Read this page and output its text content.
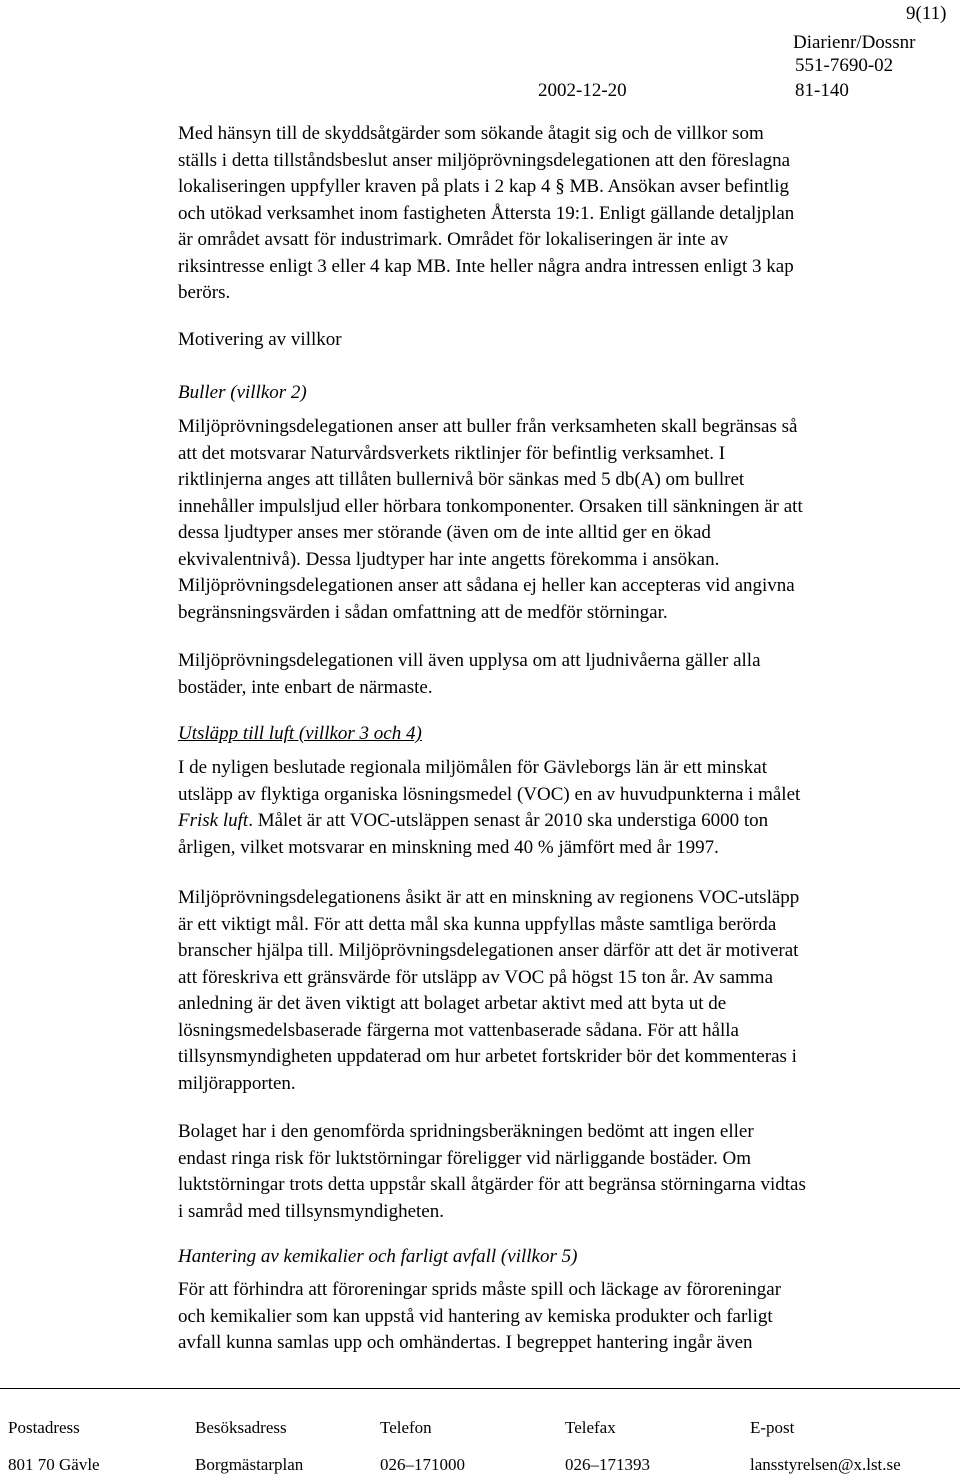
9(11)
Diarienr/Dossnr
551-7690-02
2002-12-20	81-140
Med hänsyn till de skyddsåtgärder som sökande åtagit sig och de villkor som
ställs i detta tillståndsbeslut anser miljöprövningsdelegationen att den föreslagna
lokaliseringen uppfyller kraven på plats i 2 kap 4 § MB. Ansökan avser befintlig
och utökad verksamhet inom fastigheten Åttersta 19:1. Enligt gällande detaljplan
är området avsatt för industrimark. Området för lokaliseringen är inte av
riksintresse enligt 3 eller 4 kap MB. Inte heller några andra intressen enligt 3 kap
berörs.
Motivering av villkor
Buller (villkor 2)
Miljöprövningsdelegationen anser att buller från verksamheten skall begränsas så
att det motsvarar Naturvårdsverkets riktlinjer för befintlig verksamhet. I
riktlinjerna anges att tillåten bullernivå bör sänkas med 5 db(A) om bullret
innehåller impulsljud eller hörbara tonkomponenter. Orsaken till sänkningen är att
dessa ljudtyper anses mer störande (även om de inte alltid ger en ökad
ekvivalentnivå). Dessa ljudtyper har inte angetts förekomma i ansökan.
Miljöprövningsdelegationen anser att sådana ej heller kan accepteras vid angivna
begränsningsvärden i sådan omfattning att de medför störningar.
Miljöprövningsdelegationen vill även upplysa om att ljudnivåerna gäller alla
bostäder, inte enbart de närmaste.
Utsläpp till luft (villkor 3 och 4)
I de nyligen beslutade regionala miljömålen för Gävleborgs län är ett minskat
utsläpp av flyktiga organiska lösningsmedel (VOC) en av huvudpunkterna i målet
Frisk luft. Målet är att VOC-utsläppen senast år 2010 ska understiga 6000 ton
årligen, vilket motsvarar en minskning med 40 % jämfört med år 1997.
Miljöprövningsdelegationens åsikt är att en minskning av regionens VOC-utsläpp
är ett viktigt mål. För att detta mål ska kunna uppfyllas måste samtliga berörda
branscher hjälpa till. Miljöprövningsdelegationen anser därför att det är motiverat
att föreskriva ett gränsvärde för utsläpp av VOC på högst 15 ton år. Av samma
anledning är det även viktigt att bolaget arbetar aktivt med att byta ut de
lösningsmedelsbaserade färgerna mot vattenbaserade sådana. För att hålla
tillsynsmyndigheten uppdaterad om hur arbetet fortskrider bör det kommenteras i
miljörapporten.
Bolaget har i den genomförda spridningsberäkningen bedömt att ingen eller
endast ringa risk för luktstörningar föreligger vid närliggande bostäder. Om
luktstörningar trots detta uppstår skall åtgärder för att begränsa störningarna vidtas
i samråd med tillsynsmyndigheten.
Hantering av kemikalier och farligt avfall (villkor 5)
För att förhindra att föroreningar sprids måste spill och läckage av föroreningar
och kemikalier som kan uppstå vid hantering av kemiska produkter och farligt
avfall kunna samlas upp och omhändertas. I begreppet hantering ingår även
Postadress	Besöksadress	Telefon	Telefax	E-post
801 70 Gävle	Borgmästarplan	026–171000	026–171393	lansstyrelsen@x.lst.se
